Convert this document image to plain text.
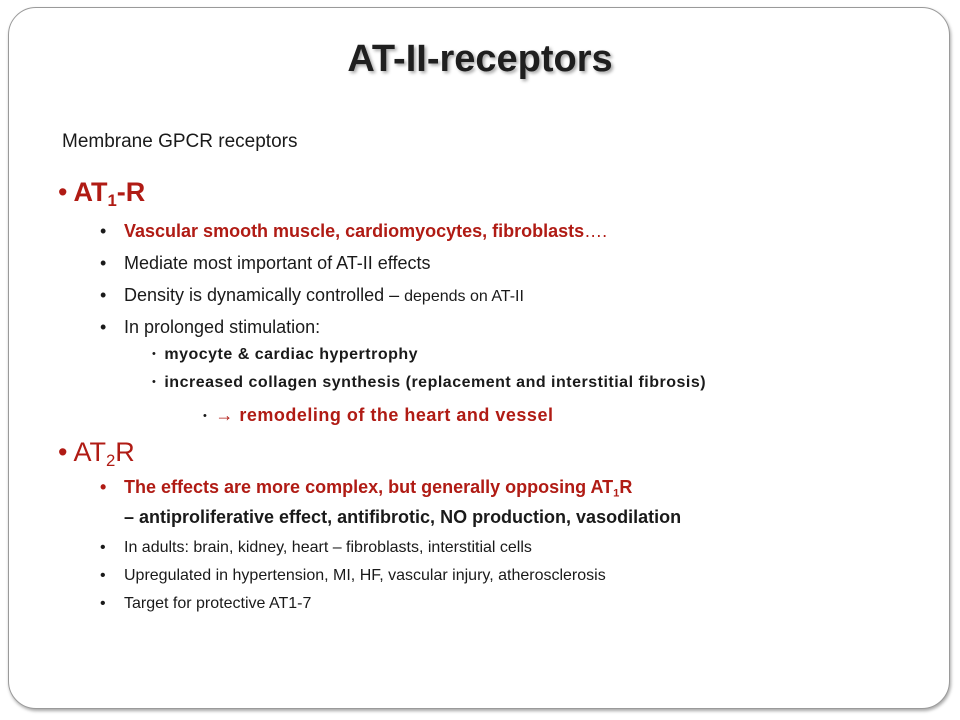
AT-II-receptors
Membrane GPCR receptors
• $AT_1-R$
• Vascular smooth muscle, cardiomyocytes, fibroblasts….
• Mediate most important of AT-II effects
• Density is dynamically controlled – depends on AT-II
• In prolonged stimulation:
• myocyte & cardiac hypertrophy
• increased collagen synthesis (replacement and interstitial fibrosis)
• → remodeling of the heart and vessel
• $AT_2R$
• The effects are more complex, but generally opposing $AT_1R$
– antiproliferative effect, antifibrotic, NO production, vasodilation
• In adults: brain, kidney, heart – fibroblasts, interstitial cells
• Upregulated in hypertension, MI, HF, vascular injury, atherosclerosis
• Target for protective AT1-7
